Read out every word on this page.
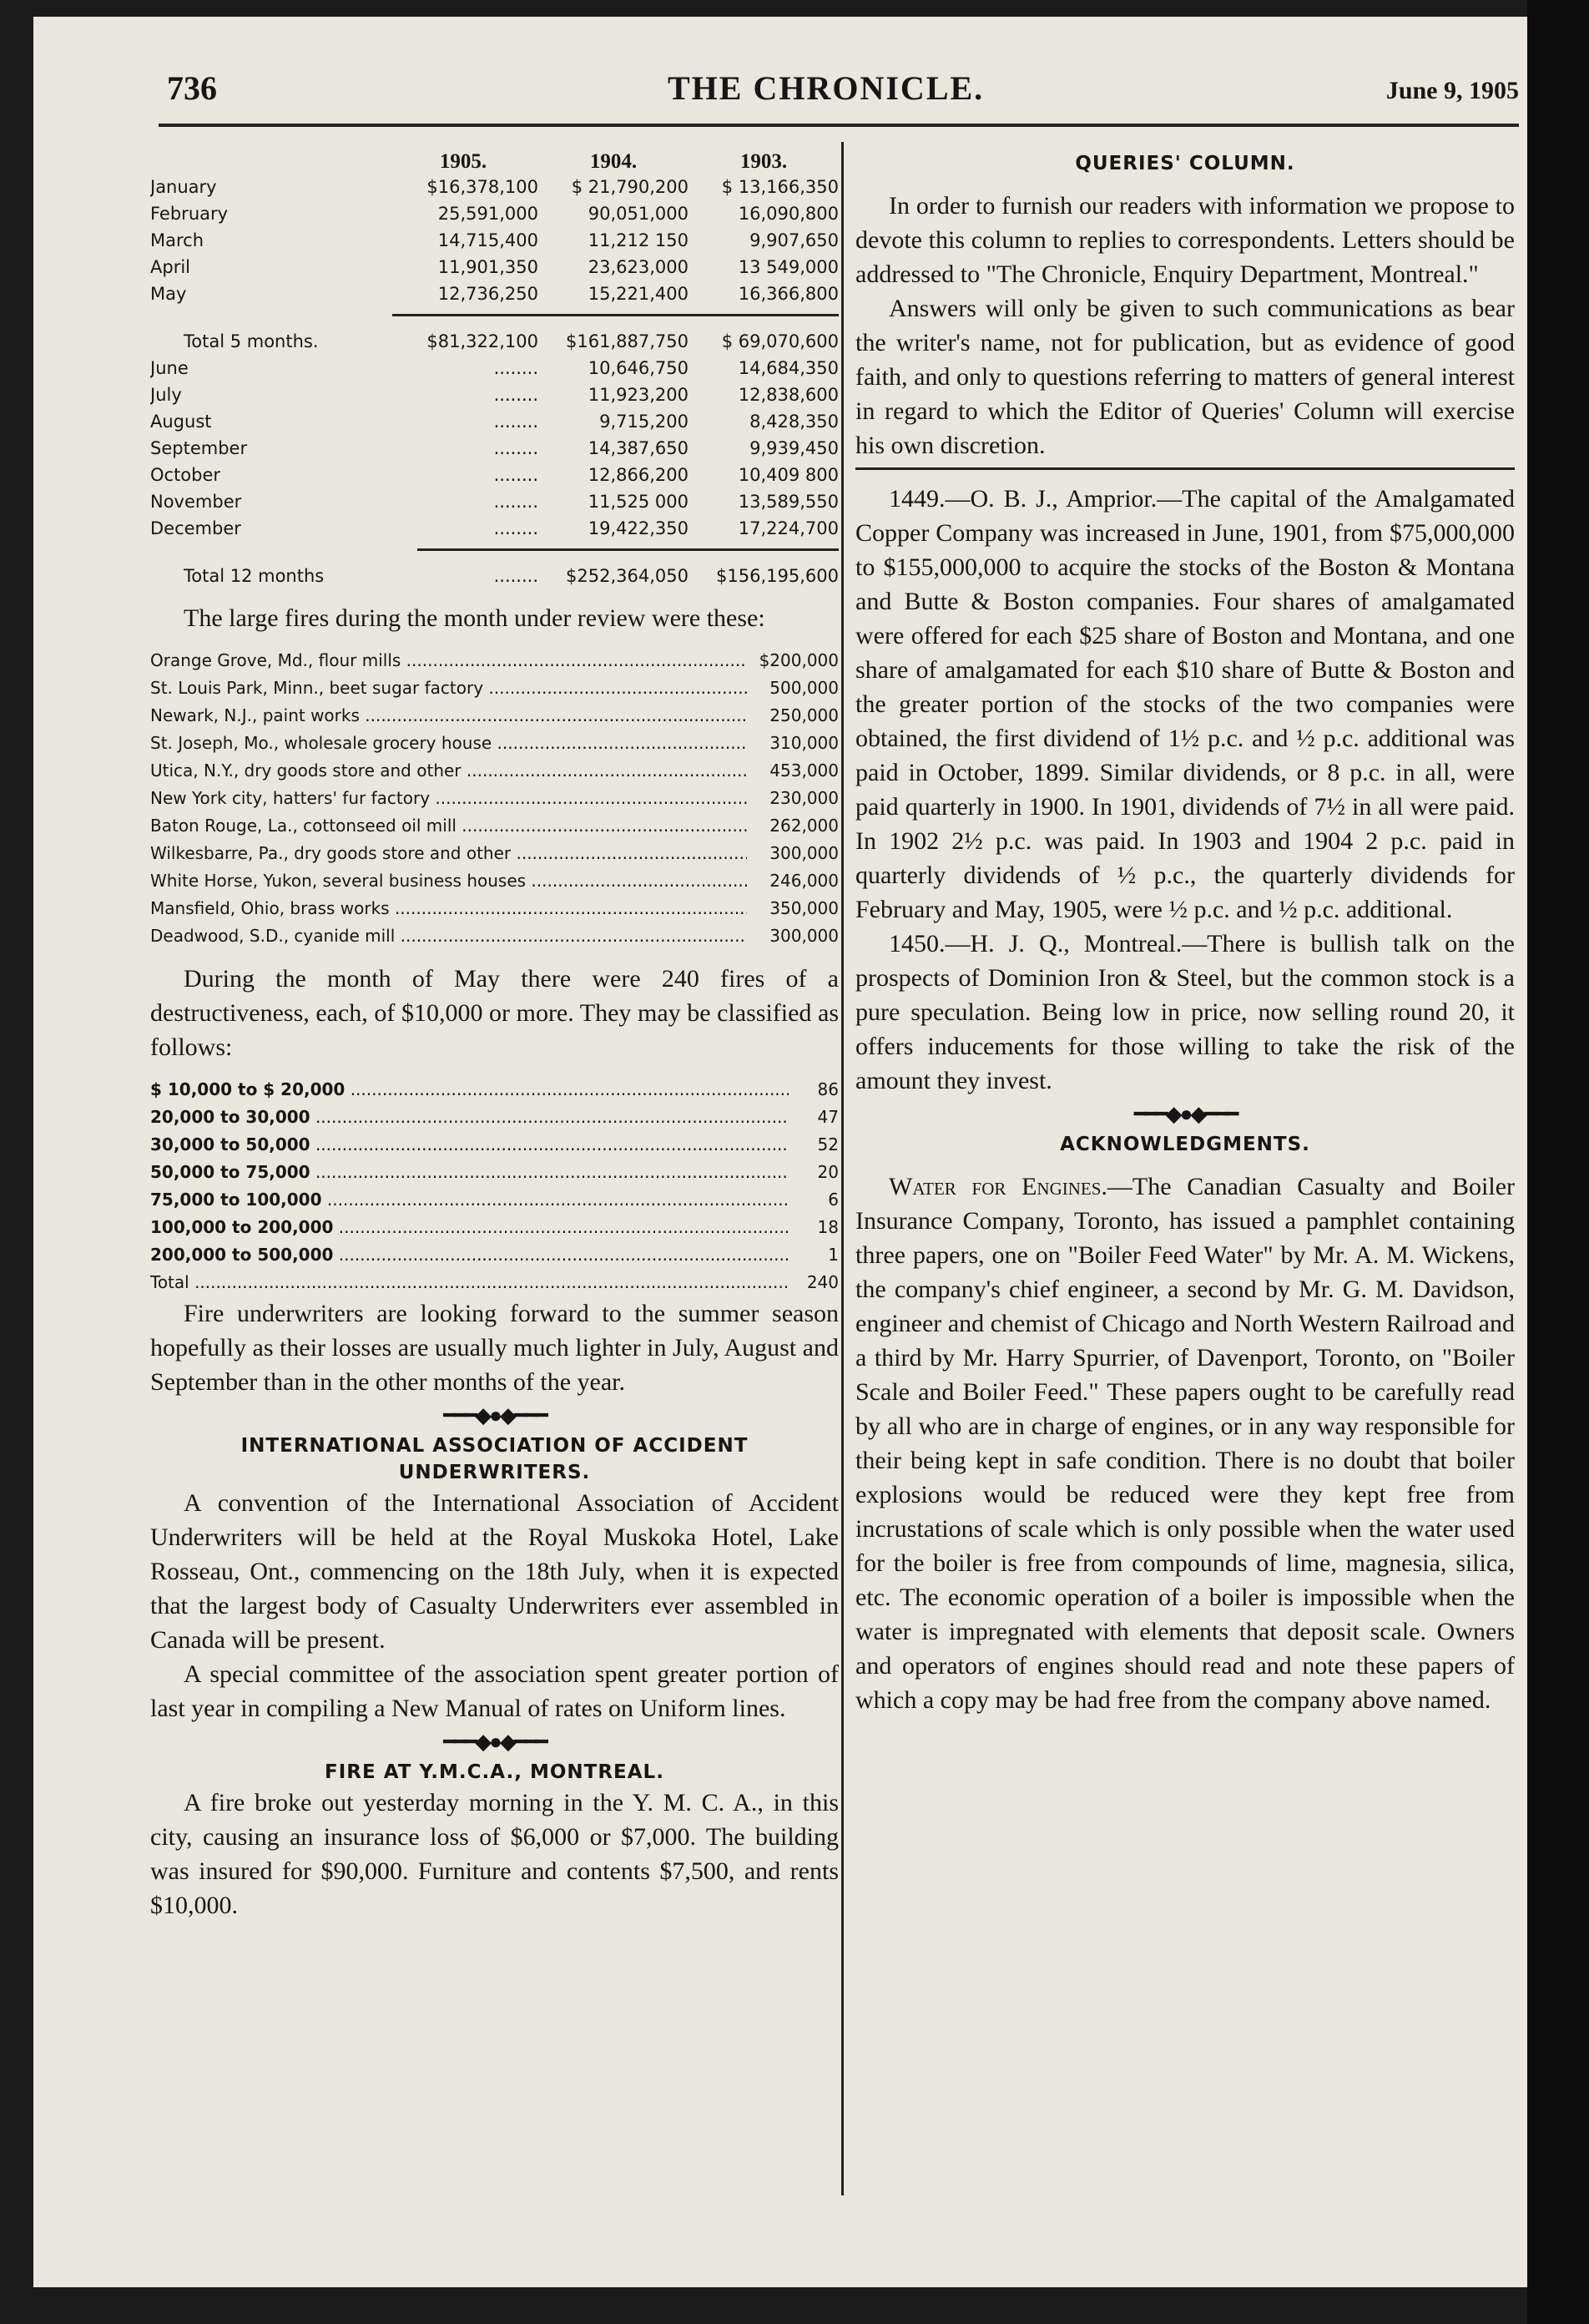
736	THE CHRONICLE.	June 9, 1905
1905.	1904.	1903.
January	$16,378,100	$ 21,790,200	$ 13,166,350
February	25,591,000	90,051,000	16,090,800
March	14,715,400	11,212 150	9,907,650
April	11,901,350	23,623,000	13 549,000
May	12,736,250	15,221,400	16,366,800
Total 5 months.	$81,322,100	$161,887,750	$ 69,070,600
June	........	10,646,750	14,684,350
July	........	11,923,200	12,838,600
August	........	9,715,200	8,428,350
September	........	14,387,650	9,939,450
October	........	12,866,200	10,409 800
November	........	11,525 000	13,589,550
December	........	19,422,350	17,224,700
Total 12 months	........	$252,364,050	$156,195,600

The large fires during the month under review were these:

Orange Grove, Md., flour mills .....	$200,000
St. Louis Park, Minn., beet sugar factory .....	500,000
Newark, N.J., paint works .....	250,000
St. Joseph, Mo., wholesale grocery house .....	310,000
Utica, N.Y., dry goods store and other .....	453,000
New York city, hatters' fur factory .....	230,000
Baton Rouge, La., cottonseed oil mill .....	262,000
Wilkesbarre, Pa., dry goods store and other .....	300,000
White Horse, Yukon, several business houses .....	246,000
Mansfield, Ohio, brass works .....	350,000
Deadwood, S.D., cyanide mill .....	300,000

During the month of May there were 240 fires of a destructiveness, each, of $10,000 or more. They may be classified as follows:

$ 10,000 to $ 20,000 .....	86
20,000 to 30,000 .....	47
30,000 to 50,000 .....	52
50,000 to 75,000 .....	20
75,000 to 100,000 .....	6
100,000 to 200,000 .....	18
200,000 to 500,000 .....	1
Total .....	240

Fire underwriters are looking forward to the summer season hopefully as their losses are usually much lighter in July, August and September than in the other months of the year.

━━━◆●◆━━━
INTERNATIONAL ASSOCIATION OF ACCIDENT UNDERWRITERS.

A convention of the International Association of Accident Underwriters will be held at the Royal Muskoka Hotel, Lake Rosseau, Ont., commencing on the 18th July, when it is expected that the largest body of Casualty Underwriters ever assembled in Canada will be present.

A special committee of the association spent greater portion of last year in compiling a New Manual of rates on Uniform lines.

━━━◆●◆━━━
FIRE AT Y.M.C.A., MONTREAL.

A fire broke out yesterday morning in the Y. M. C. A., in this city, causing an insurance loss of $6,000 or $7,000. The building was insured for $90,000. Furniture and contents $7,500, and rents $10,000.

QUERIES' COLUMN.

In order to furnish our readers with information we propose to devote this column to replies to correspondents. Letters should be addressed to "The Chronicle, Enquiry Department, Montreal."

Answers will only be given to such communications as bear the writer's name, not for publication, but as evidence of good faith, and only to questions referring to matters of general interest in regard to which the Editor of Queries' Column will exercise his own discretion.

1449.—O. B. J., Amprior.—The capital of the Amalgamated Copper Company was increased in June, 1901, from $75,000,000 to $155,000,000 to acquire the stocks of the Boston & Montana and Butte & Boston companies. Four shares of amalgamated were offered for each $25 share of Boston and Montana, and one share of amalgamated for each $10 share of Butte & Boston and the greater portion of the stocks of the two companies were obtained, the first dividend of 1½ p.c. and ½ p.c. additional was paid in October, 1899. Similar dividends, or 8 p.c. in all, were paid quarterly in 1900. In 1901, dividends of 7½ in all were paid. In 1902 2½ p.c. was paid. In 1903 and 1904 2 p.c. paid in quarterly dividends of ½ p.c., the quarterly dividends for February and May, 1905, were ½ p.c. and ½ p.c. additional.

1450.—H. J. Q., Montreal.—There is bullish talk on the prospects of Dominion Iron & Steel, but the common stock is a pure speculation. Being low in price, now selling round 20, it offers inducements for those willing to take the risk of the amount they invest.

━━━◆●◆━━━
ACKNOWLEDGMENTS.

Water for Engines.—The Canadian Casualty and Boiler Insurance Company, Toronto, has issued a pamphlet containing three papers, one on "Boiler Feed Water" by Mr. A. M. Wickens, the company's chief engineer, a second by Mr. G. M. Davidson, engineer and chemist of Chicago and North Western Railroad and a third by Mr. Harry Spurrier, of Davenport, Toronto, on "Boiler Scale and Boiler Feed." These papers ought to be carefully read by all who are in charge of engines, or in any way responsible for their being kept in safe condition. There is no doubt that boiler explosions would be reduced were they kept free from incrustations of scale which is only possible when the water used for the boiler is free from compounds of lime, magnesia, silica, etc. The economic operation of a boiler is impossible when the water is impregnated with elements that deposit scale. Owners and operators of engines should read and note these papers of which a copy may be had free from the company above named.
